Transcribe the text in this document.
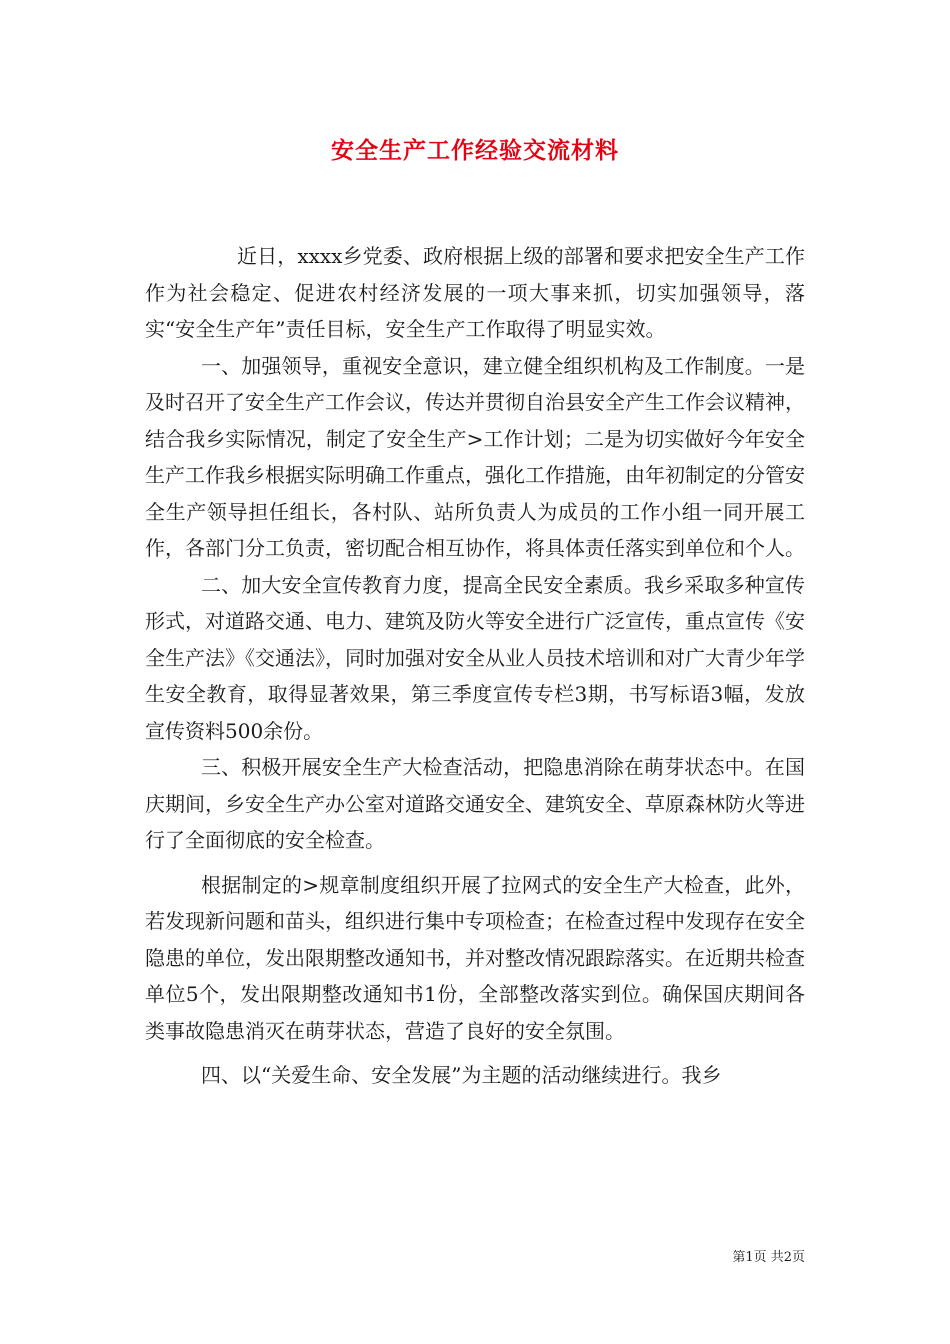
安全生产工作经验交流材料

近日，xxxx乡党委、政府根据上级的部署和要求把安全生产工作作为社会稳定、促进农村经济发展的一项大事来抓，切实加强领导，落实“安全生产年”责任目标，安全生产工作取得了明显实效。

一、加强领导，重视安全意识，建立健全组织机构及工作制度。一是及时召开了安全生产工作会议，传达并贯彻自治县安全产生工作会议精神，结合我乡实际情况，制定了安全生产>工作计划；二是为切实做好今年安全生产工作我乡根据实际明确工作重点，强化工作措施，由年初制定的分管安全生产领导担任组长，各村队、站所负责人为成员的工作小组一同开展工作，各部门分工负责，密切配合相互协作，将具体责任落实到单位和个人。

二、加大安全宣传教育力度，提高全民安全素质。我乡采取多种宣传形式，对道路交通、电力、建筑及防火等安全进行广泛宣传，重点宣传《安全生产法》《交通法》，同时加强对安全从业人员技术培训和对广大青少年学生安全教育，取得显著效果，第三季度宣传专栏3期，书写标语3幅，发放宣传资料500余份。

三、积极开展安全生产大检查活动，把隐患消除在萌芽状态中。在国庆期间，乡安全生产办公室对道路交通安全、建筑安全、草原森林防火等进行了全面彻底的安全检查。

根据制定的>规章制度组织开展了拉网式的安全生产大检查，此外，若发现新问题和苗头，组织进行集中专项检查；在检查过程中发现存在安全隐患的单位，发出限期整改通知书，并对整改情况跟踪落实。在近期共检查单位5个，发出限期整改通知书1份，全部整改落实到位。确保国庆期间各类事故隐患消灭在萌芽状态，营造了良好的安全氛围。

四、以“关爱生命、安全发展”为主题的活动继续进行。我乡

第1页 共2页
